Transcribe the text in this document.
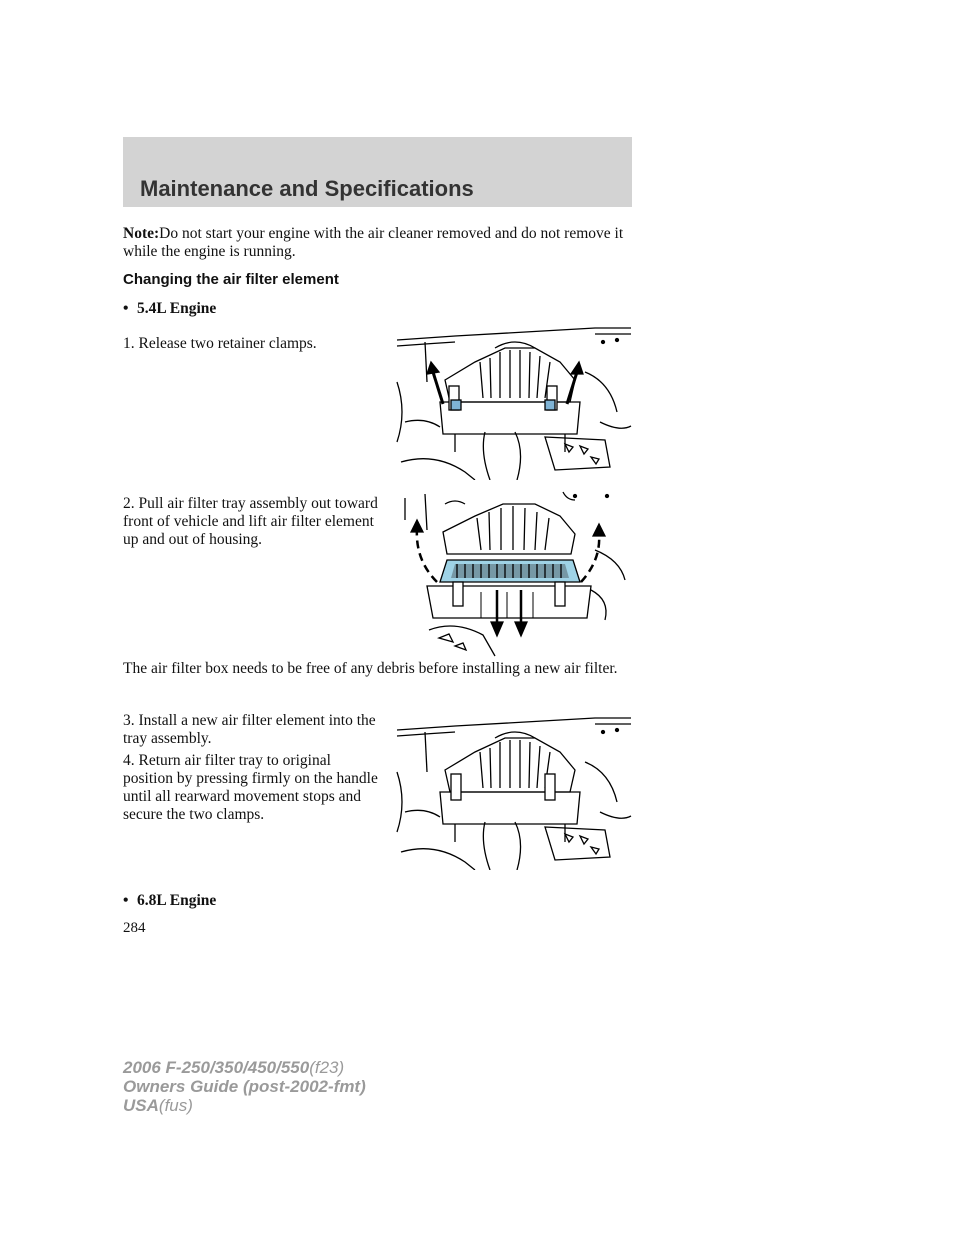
Maintenance and Specifications
Note:Do not start your engine with the air cleaner removed and do not remove it while the engine is running.
Changing the air filter element
• 5.4L Engine
1. Release two retainer clamps.
2. Pull air filter tray assembly out toward front of vehicle and lift air filter element up and out of housing.
The air filter box needs to be free of any debris before installing a new air filter.
3. Install a new air filter element into the tray assembly.
4. Return air filter tray to original position by pressing firmly on the handle until all rearward movement stops and secure the two clamps.
• 6.8L Engine
284
2006 F-250/350/450/550(f23)
Owners Guide (post-2002-fmt)
USA(fus)
